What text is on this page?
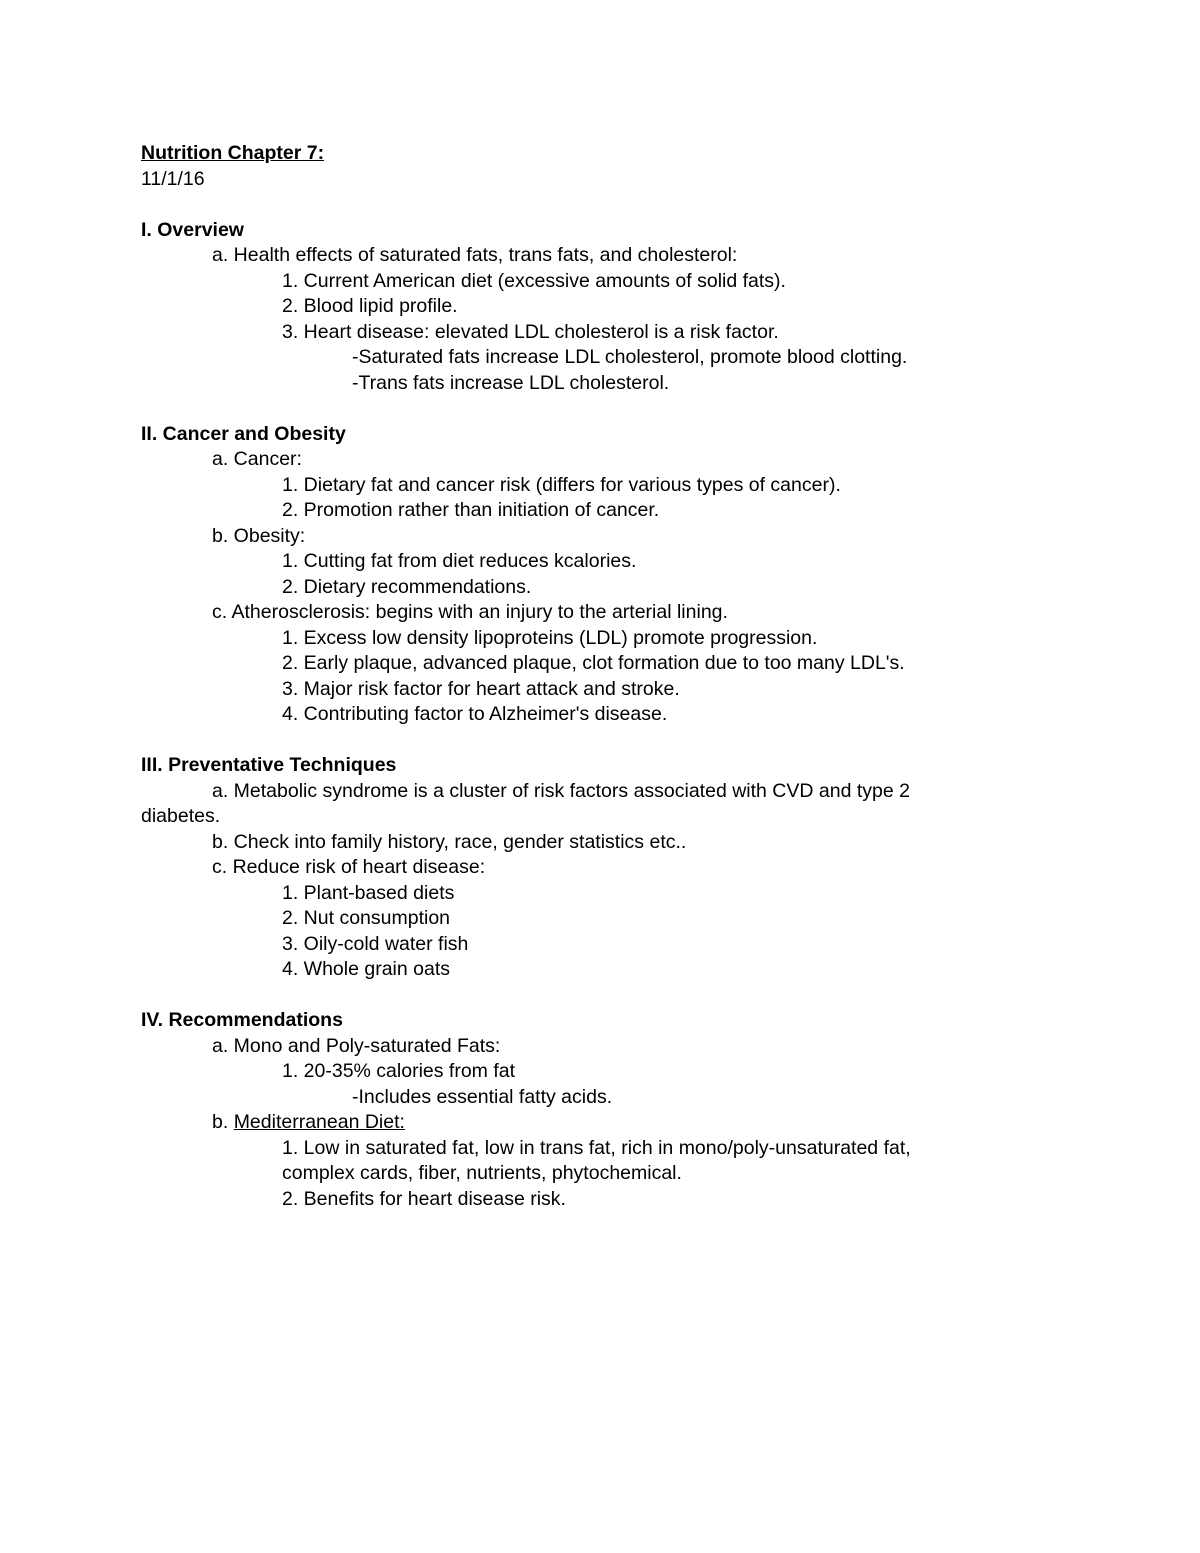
Nutrition Chapter 7:
11/1/16
I. Overview
a. Health effects of saturated fats, trans fats, and cholesterol:
1. Current American diet (excessive amounts of solid fats).
2. Blood lipid profile.
3. Heart disease: elevated LDL cholesterol is a risk factor.
-Saturated fats increase LDL cholesterol, promote blood clotting.
-Trans fats increase LDL cholesterol.
II. Cancer and Obesity
a. Cancer:
1. Dietary fat and cancer risk (differs for various types of cancer).
2. Promotion rather than initiation of cancer.
b. Obesity:
1. Cutting fat from diet reduces kcalories.
2. Dietary recommendations.
c. Atherosclerosis: begins with an injury to the arterial lining.
1. Excess low density lipoproteins (LDL) promote progression.
2. Early plaque, advanced plaque, clot formation due to too many LDL's.
3. Major risk factor for heart attack and stroke.
4. Contributing factor to Alzheimer's disease.
III. Preventative Techniques
a. Metabolic syndrome is a cluster of risk factors associated with CVD and type 2
diabetes.
b. Check into family history, race, gender statistics etc..
c. Reduce risk of heart disease:
1. Plant-based diets
2. Nut consumption
3. Oily-cold water fish
4. Whole grain oats
IV. Recommendations
a. Mono and Poly-saturated Fats:
1. 20-35% calories from fat
-Includes essential fatty acids.
b. Mediterranean Diet:
1. Low in saturated fat, low in trans fat, rich in mono/poly-unsaturated fat,
complex cards, fiber, nutrients, phytochemical.
2. Benefits for heart disease risk.
